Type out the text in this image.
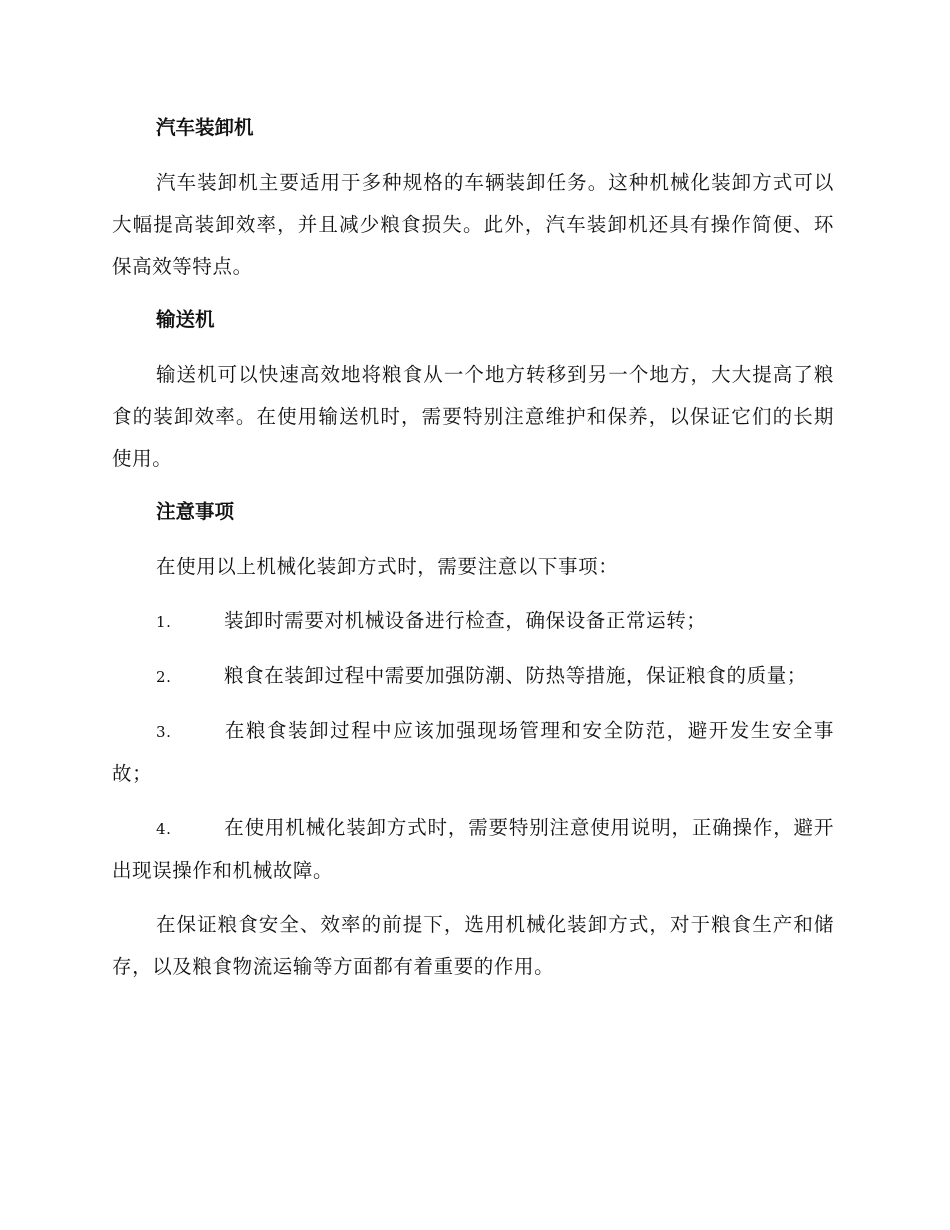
汽车装卸机

汽车装卸机主要适用于多种规格的车辆装卸任务。这种机械化装卸方式可以大幅提高装卸效率，并且减少粮食损失。此外，汽车装卸机还具有操作简便、环保高效等特点。

输送机

输送机可以快速高效地将粮食从一个地方转移到另一个地方，大大提高了粮食的装卸效率。在使用输送机时，需要特别注意维护和保养，以保证它们的长期使用。

注意事项

在使用以上机械化装卸方式时，需要注意以下事项：

1.	装卸时需要对机械设备进行检查，确保设备正常运转；

2.	粮食在装卸过程中需要加强防潮、防热等措施，保证粮食的质量；

3.	在粮食装卸过程中应该加强现场管理和安全防范，避开发生安全事故；

4.	在使用机械化装卸方式时，需要特别注意使用说明，正确操作，避开出现误操作和机械故障。

在保证粮食安全、效率的前提下，选用机械化装卸方式，对于粮食生产和储存，以及粮食物流运输等方面都有着重要的作用。
